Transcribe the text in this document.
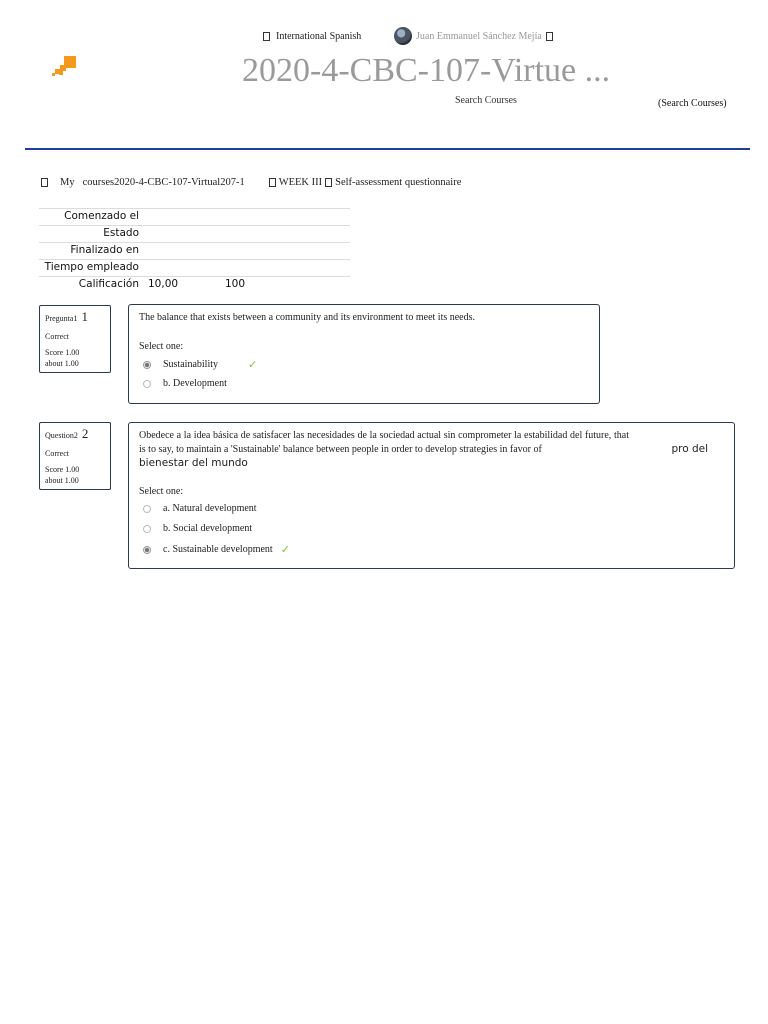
International Spanish	Juan Emmanuel Sánchez Mejía
2020-4-CBC-107-Virtue ...
Search Courses	(Search Courses)
My courses2020-4-CBC-107-Virtual207-1	WEEK III Self-assessment questionnaire
Comenzado el
Estado
Finalizado en
Tiempo empleado
Calificación 10,00	100
Pregunta1 1
Correct
Score 1.00
about 1.00
The balance that exists between a community and its environment to meet its needs.
Select one:
Sustainability	✓
b. Development
Question2 2
Correct
Score 1.00
about 1.00
Obedece a la idea básica de satisfacer las necesidades de la sociedad actual sin comprometer la estabilidad del future, that is to say, to maintain a 'Sustainable' balance between people in order to develop strategies in favor of	pro del
bienestar del mundo
Select one:
a. Natural development
b. Social development
c. Sustainable development ✓
